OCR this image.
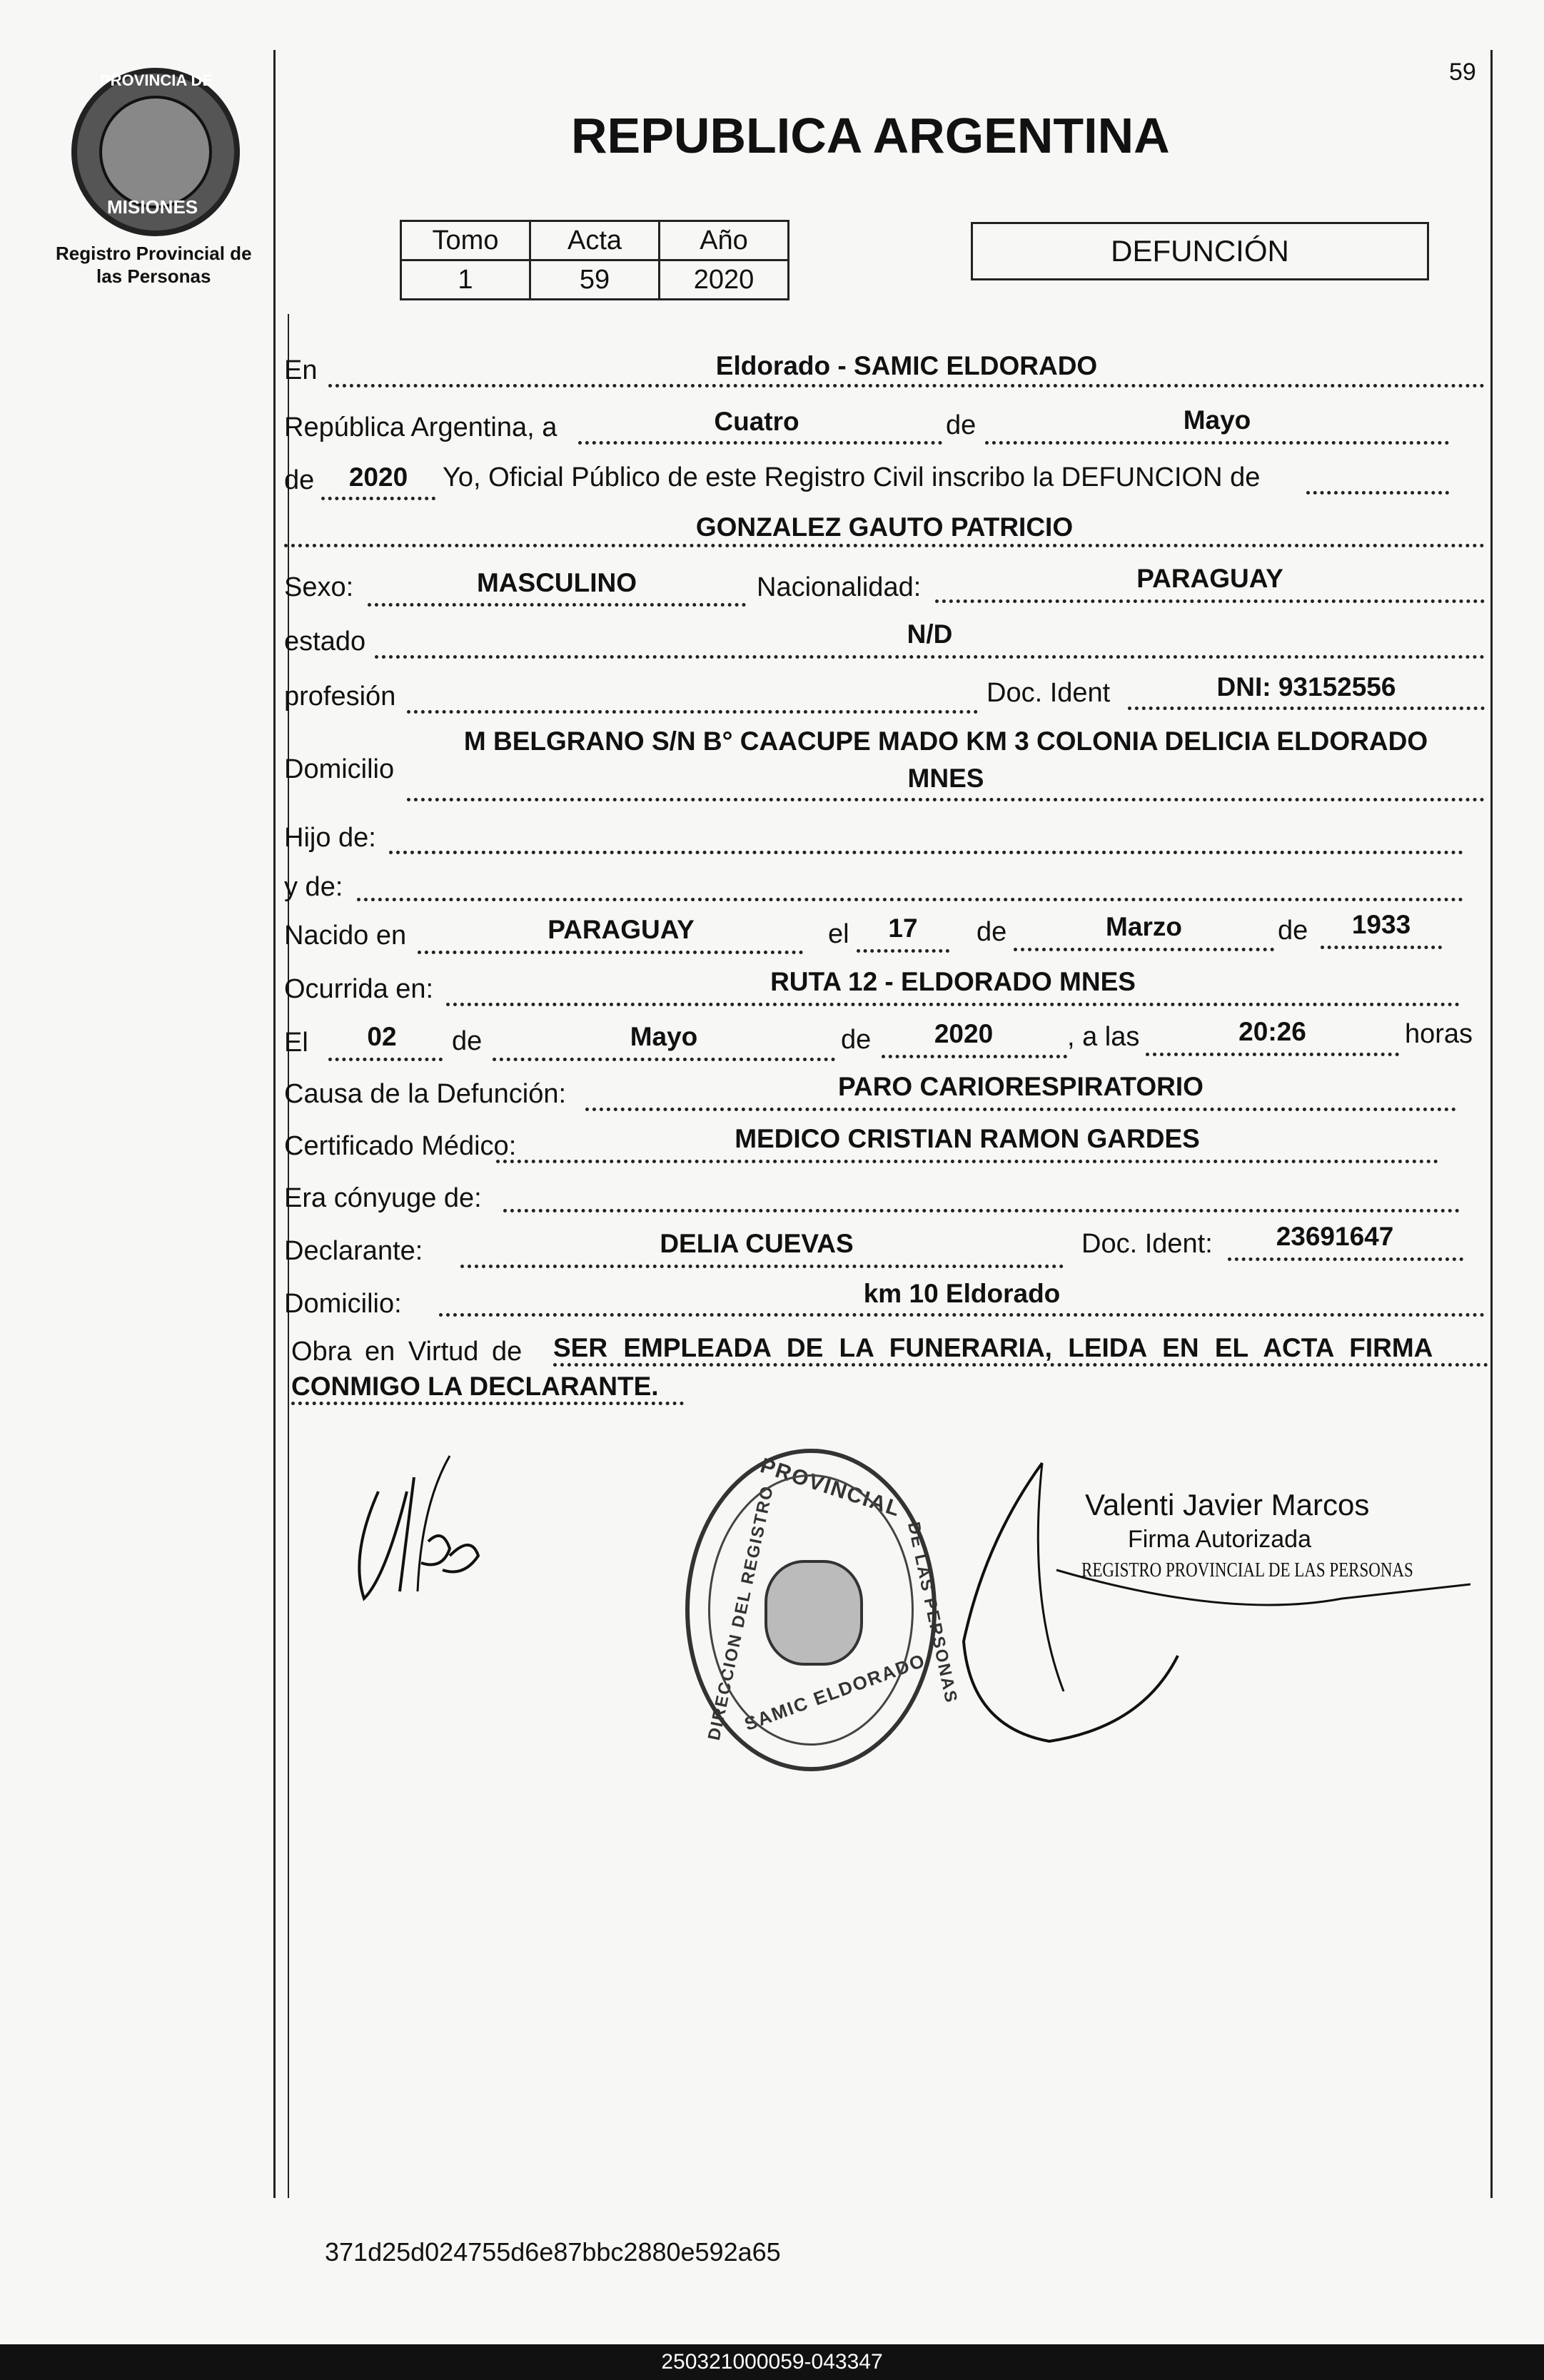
59
PROVINCIA DE
MISIONES
Registro Provincial de
las Personas
REPUBLICA ARGENTINA
Tomo	Acta	Año
1	59	2020
DEFUNCIÓN
En	Eldorado - SAMIC ELDORADO
República Argentina, a	Cuatro	de	Mayo
de	2020	Yo, Oficial Público de este Registro Civil inscribo la DEFUNCION de
GONZALEZ GAUTO PATRICIO
Sexo:	MASCULINO	Nacionalidad:	PARAGUAY
estado	N/D
profesión	Doc. Ident	DNI: 93152556
Domicilio
M BELGRANO S/N B° CAACUPE MADO KM 3 COLONIA DELICIA ELDORADO
MNES
Hijo de:
y de:
Nacido en	PARAGUAY	el	17	de	Marzo	de	1933
Ocurrida en:	RUTA 12 - ELDORADO MNES
El	02	de	Mayo	de	2020	, a las	20:26	horas
Causa de la Defunción:	PARO CARIORESPIRATORIO
Certificado Médico:	MEDICO CRISTIAN RAMON GARDES
Era cónyuge de:
Declarante:	DELIA CUEVAS	Doc. Ident:	23691647
Domicilio:	km 10 Eldorado
Obra en Virtud de SER EMPLEADA DE LA FUNERARIA, LEIDA EN EL ACTA FIRMA
CONMIGO LA DECLARANTE.
PROVINCIAL
DIRECCION DEL REGISTRO	DE LAS PERSONAS
SAMIC ELDORADO
Valenti Javier Marcos
Firma Autorizada
REGISTRO PROVINCIAL DE LAS PERSONAS
371d25d024755d6e87bbc2880e592a65
250321000059-043347
